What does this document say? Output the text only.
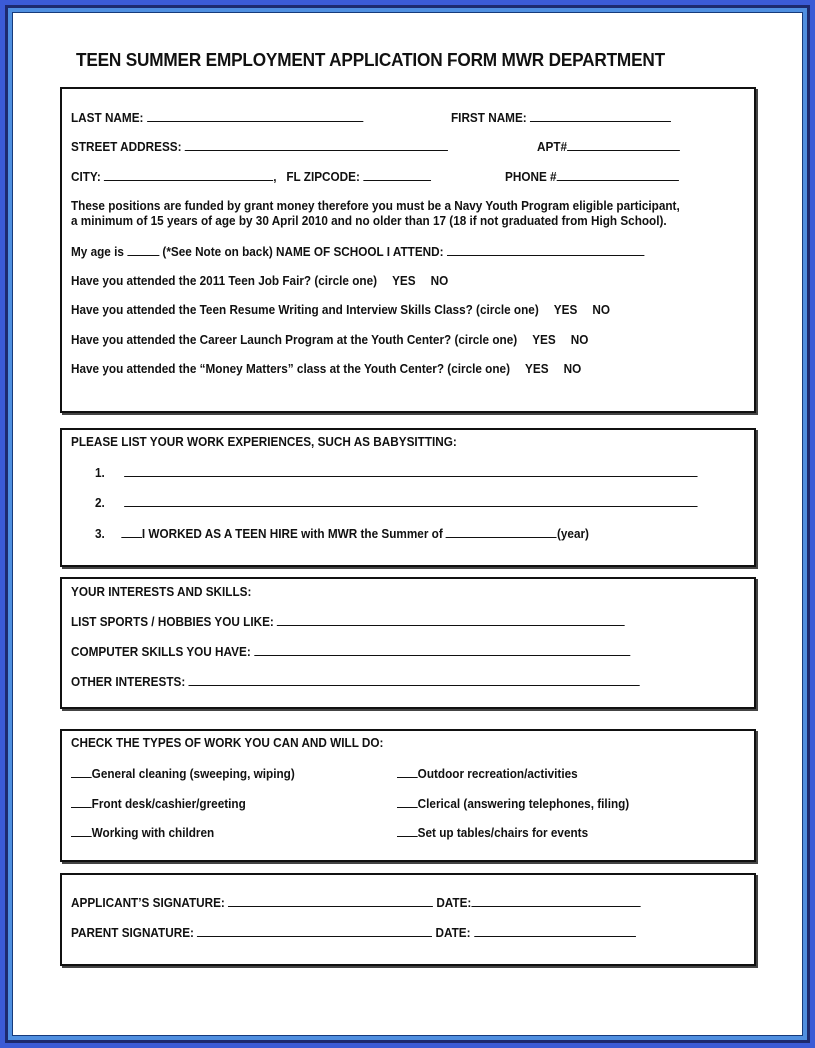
TEEN SUMMER EMPLOYMENT APPLICATION FORM MWR DEPARTMENT
LAST NAME:	FIRST NAME:
STREET ADDRESS:	APT#
CITY:	, FL ZIPCODE:	PHONE #
These positions are funded by grant money therefore you must be a Navy Youth Program eligible participant,
a minimum of 15 years of age by 30 April 2010 and no older than 17 (18 if not graduated from High School).
My age is	(*See Note on back) NAME OF SCHOOL I ATTEND:
Have you attended the 2011 Teen Job Fair? (circle one) YES NO
Have you attended the Teen Resume Writing and Interview Skills Class? (circle one) YES NO
Have you attended the Career Launch Program at the Youth Center? (circle one) YES NO
Have you attended the “Money Matters” class at the Youth Center? (circle one) YES NO
PLEASE LIST YOUR WORK EXPERIENCES, SUCH AS BABYSITTING:
1.
2.
3.	I WORKED AS A TEEN HIRE with MWR the Summer of	(year)
YOUR INTERESTS AND SKILLS:
LIST SPORTS / HOBBIES YOU LIKE:
COMPUTER SKILLS YOU HAVE:
OTHER INTERESTS:
CHECK THE TYPES OF WORK YOU CAN AND WILL DO:
General cleaning (sweeping, wiping)
Front desk/cashier/greeting
Working with children
Outdoor recreation/activities
Clerical (answering telephones, filing)
Set up tables/chairs for events
APPLICANT’S SIGNATURE:	DATE:
PARENT SIGNATURE:	DATE:
